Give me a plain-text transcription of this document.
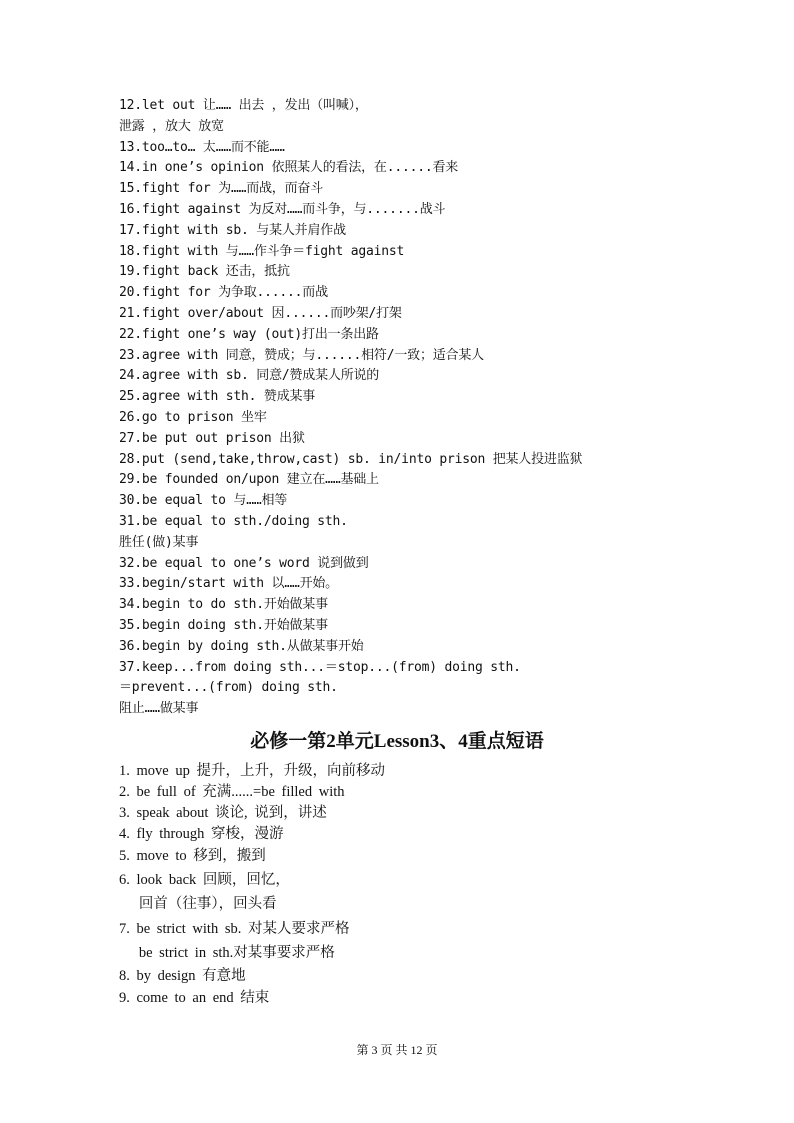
12.let out 让…… 出去 ，发出（叫喊），
泄露 ，放大 放宽
13.too…to… 太……而不能……
14.in one’s opinion 依照某人的看法，在......看来
15.fight for 为……而战，而奋斗
16.fight against 为反对……而斗争，与.......战斗
17.fight with sb. 与某人并肩作战
18.fight with 与……作斗争＝fight against
19.fight back 还击，抵抗
20.fight for 为争取......而战
21.fight over/about 因......而吵架/打架
22.fight one’s way (out)打出一条出路
23.agree with 同意，赞成；与......相符/一致；适合某人
24.agree with sb. 同意/赞成某人所说的
25.agree with sth. 赞成某事
26.go to prison 坐牢
27.be put out prison 出狱
28.put (send,take,throw,cast) sb. in/into prison 把某人投进监狱
29.be founded on/upon 建立在……基础上
30.be equal to 与……相等
31.be equal to sth./doing sth.
胜任(做)某事
32.be equal to one’s word 说到做到
33.begin/start with 以……开始。
34.begin to do sth.开始做某事
35.begin doing sth.开始做某事
36.begin by doing sth.从做某事开始
37.keep...from doing sth...＝stop...(from) doing sth.
＝prevent...(from) doing sth.
阻止……做某事
必修一第2单元Lesson3、4重点短语
1. move up 提升，上升，升级，向前移动
2. be full of 充满......=be filled with
3. speak about 谈论, 说到，讲述
4. fly through 穿梭，漫游
5. move to 移到，搬到
6. look back 回顾，回忆，
回首（往事），回头看
7. be strict with sb. 对某人要求严格
be strict in sth.对某事要求严格
8. by design 有意地
9. come to an end 结束
第 3 页 共 12 页
